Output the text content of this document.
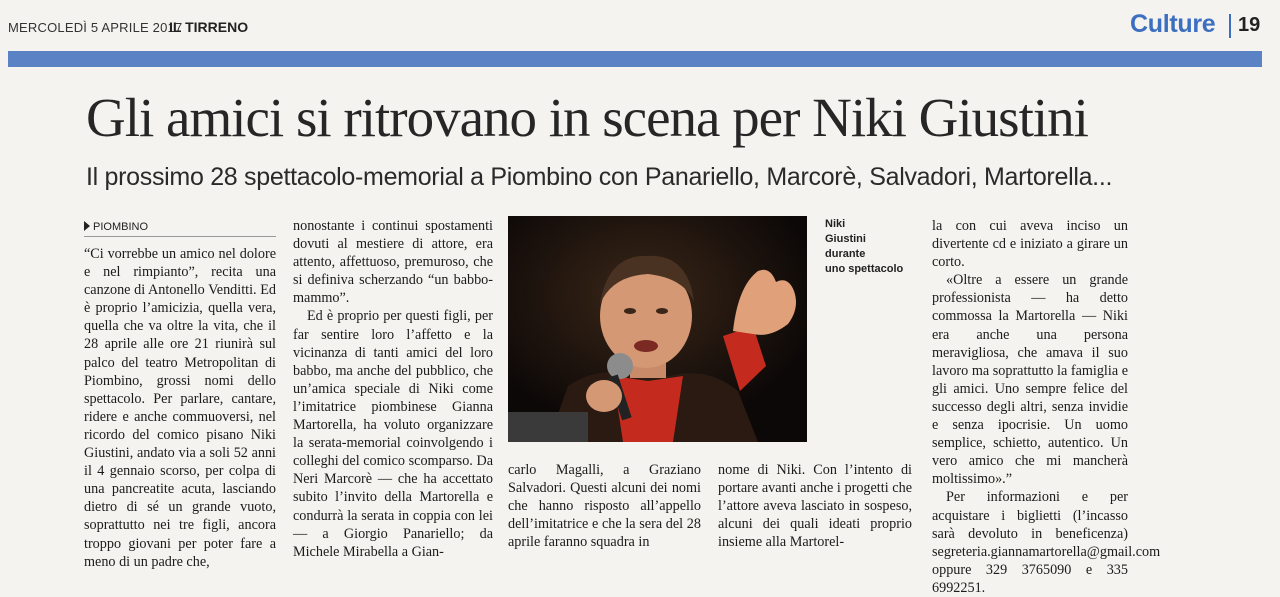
MERCOLEDÌ 5 APRILE 2017
IL TIRRENO	Culture 19
Gli amici si ritrovano in scena per Niki Giustini
Il prossimo 28 spettacolo-memorial a Piombino con Panariello, Marcorè, Salvadori, Martorella...
PIOMBINO

“Ci vorrebbe un amico nel dolore e nel rimpianto”, recita una canzone di Antonello Venditti. Ed è proprio l’amicizia, quella vera, quella che va oltre la vita, che il 28 aprile alle ore 21 riunirà sul palco del teatro Metropolitan di Piombino, grossi nomi dello spettacolo. Per parlare, cantare, ridere e anche commuoversi, nel ricordo del comico pisano Niki Giustini, andato via a soli 52 anni il 4 gennaio scorso, per colpa di una pancreatite acuta, lasciando dietro di sé un grande vuoto, soprattutto nei tre figli, ancora troppo giovani per poter fare a meno di un padre che,

nonostante i continui spostamenti dovuti al mestiere di attore, era attento, affettuoso, premuroso, che si definiva scherzando “un babbo-mammo”.

Ed è proprio per questi figli, per far sentire loro l’affetto e la vicinanza di tanti amici del loro babbo, ma anche del pubblico, che un’amica speciale di Niki come l’imitatrice piombinese Gianna Martorella, ha voluto organizzare la serata-memorial coinvolgendo i colleghi del comico scomparso. Da Neri Marcorè — che ha accettato subito l’invito della Martorella e condurrà la serata in coppia con lei — a Giorgio Panariello; da Michele Mirabella a Gian-

Niki
Giustini
durante
uno spettacolo

carlo Magalli, a Graziano Salvadori. Questi alcuni dei nomi che hanno risposto all’appello dell’imitatrice e che la sera del 28 aprile faranno squadra in

nome di Niki. Con l’intento di portare avanti anche i progetti che l’attore aveva lasciato in sospeso, alcuni dei quali ideati proprio insieme alla Martorel-

la con cui aveva inciso un divertente cd e iniziato a girare un corto.

«Oltre a essere un grande professionista — ha detto commossa la Martorella — Niki era anche una persona meravigliosa, che amava il suo lavoro ma soprattutto la famiglia e gli amici. Uno sempre felice del successo degli altri, senza invidie e senza ipocrisie. Un uomo semplice, schietto, autentico. Un vero amico che mi mancherà moltissimo».”

Per informazioni e per acquistare i biglietti (l’incasso sarà devoluto in beneficenza) segreteria.giannamartorella@gmail.com oppure 329 3765090 e 335 6992251.
